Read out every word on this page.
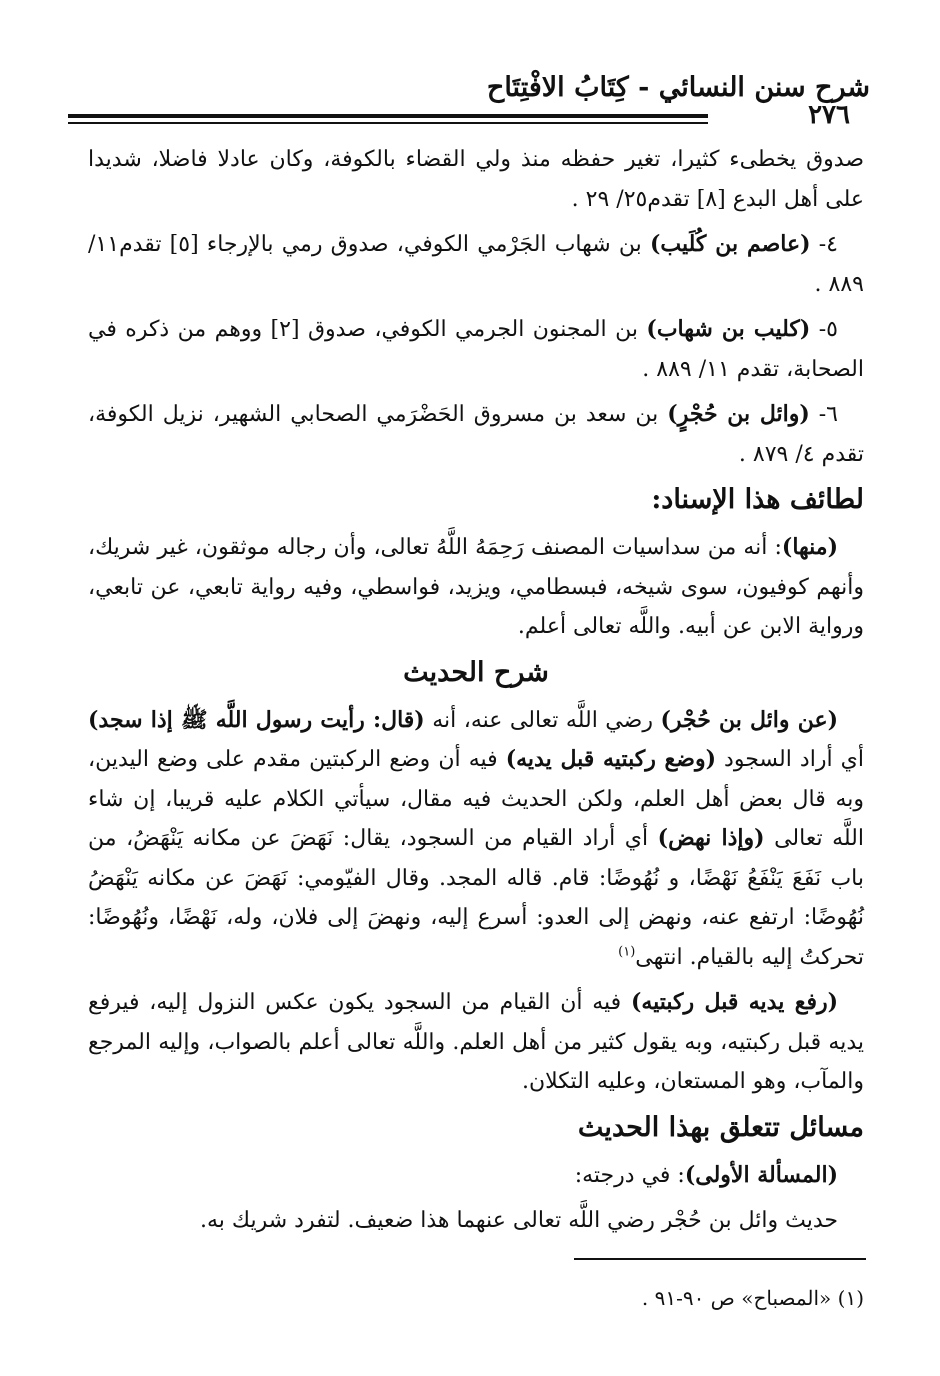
شرح سنن النسائي - كِتَابُ الافْتِتَاح
٢٧٦

صدوق يخطىء كثيرا، تغير حفظه منذ ولي القضاء بالكوفة، وكان عادلا فاضلا، شديدا على أهل البدع [٨] تقدم٢٥/ ٢٩ .

٤- (عاصم بن كُلَيب) بن شهاب الجَرْمي الكوفي، صدوق رمي بالإرجاء [٥] تقدم١١/ ٨٨٩ .

٥- (كليب بن شهاب) بن المجنون الجرمي الكوفي، صدوق [٢] ووهم من ذكره في الصحابة، تقدم ١١/ ٨٨٩ .

٦- (وائل بن حُجْرٍ) بن سعد بن مسروق الحَضْرَمي الصحابي الشهير، نزيل الكوفة، تقدم ٤/ ٨٧٩ .

لطائف هذا الإسناد:

(منها): أنه من سداسيات المصنف رَحِمَهُ اللَّهُ تعالى، وأن رجاله موثقون، غير شريك، وأنهم كوفيون، سوى شيخه، فبسطامي، ويزيد، فواسطي، وفيه رواية تابعي، عن تابعي، ورواية الابن عن أبيه. واللَّه تعالى أعلم.

شرح الحديث

(عن وائل بن حُجْر) رضي اللَّه تعالى عنه، أنه (قال: رأيت رسول اللَّه ﷺ إذا سجد) أي أراد السجود (وضع ركبتيه قبل يديه) فيه أن وضع الركبتين مقدم على وضع اليدين، وبه قال بعض أهل العلم، ولكن الحديث فيه مقال، سيأتي الكلام عليه قريبا، إن شاء اللَّه تعالى (وإذا نهض) أي أراد القيام من السجود، يقال: نَهَضَ عن مكانه يَنْهَضُ، من باب نَفَعَ يَنْفَعُ نَهْضًا، و نُهُوضًا: قام. قاله المجد. وقال الفيّومي: نَهَضَ عن مكانه يَنْهَضُ نُهُوضًا: ارتفع عنه، ونهض إلى العدو: أسرع إليه، ونهضَ إلى فلان، وله، نَهْضًا، ونُهُوضًا: تحركتُ إليه بالقيام. انتهى$^{(١)}$

(رفع يديه قبل ركبتيه) فيه أن القيام من السجود يكون عكس النزول إليه، فيرفع يديه قبل ركبتيه، وبه يقول كثير من أهل العلم. واللَّه تعالى أعلم بالصواب، وإليه المرجع والمآب، وهو المستعان، وعليه التكلان.

مسائل تتعلق بهذا الحديث

(المسألة الأولى): في درجته:

حديث وائل بن حُجْر رضي اللَّه تعالى عنهما هذا ضعيف. لتفرد شريك به.

(١) «المصباح» ص ٩٠-٩١ .
